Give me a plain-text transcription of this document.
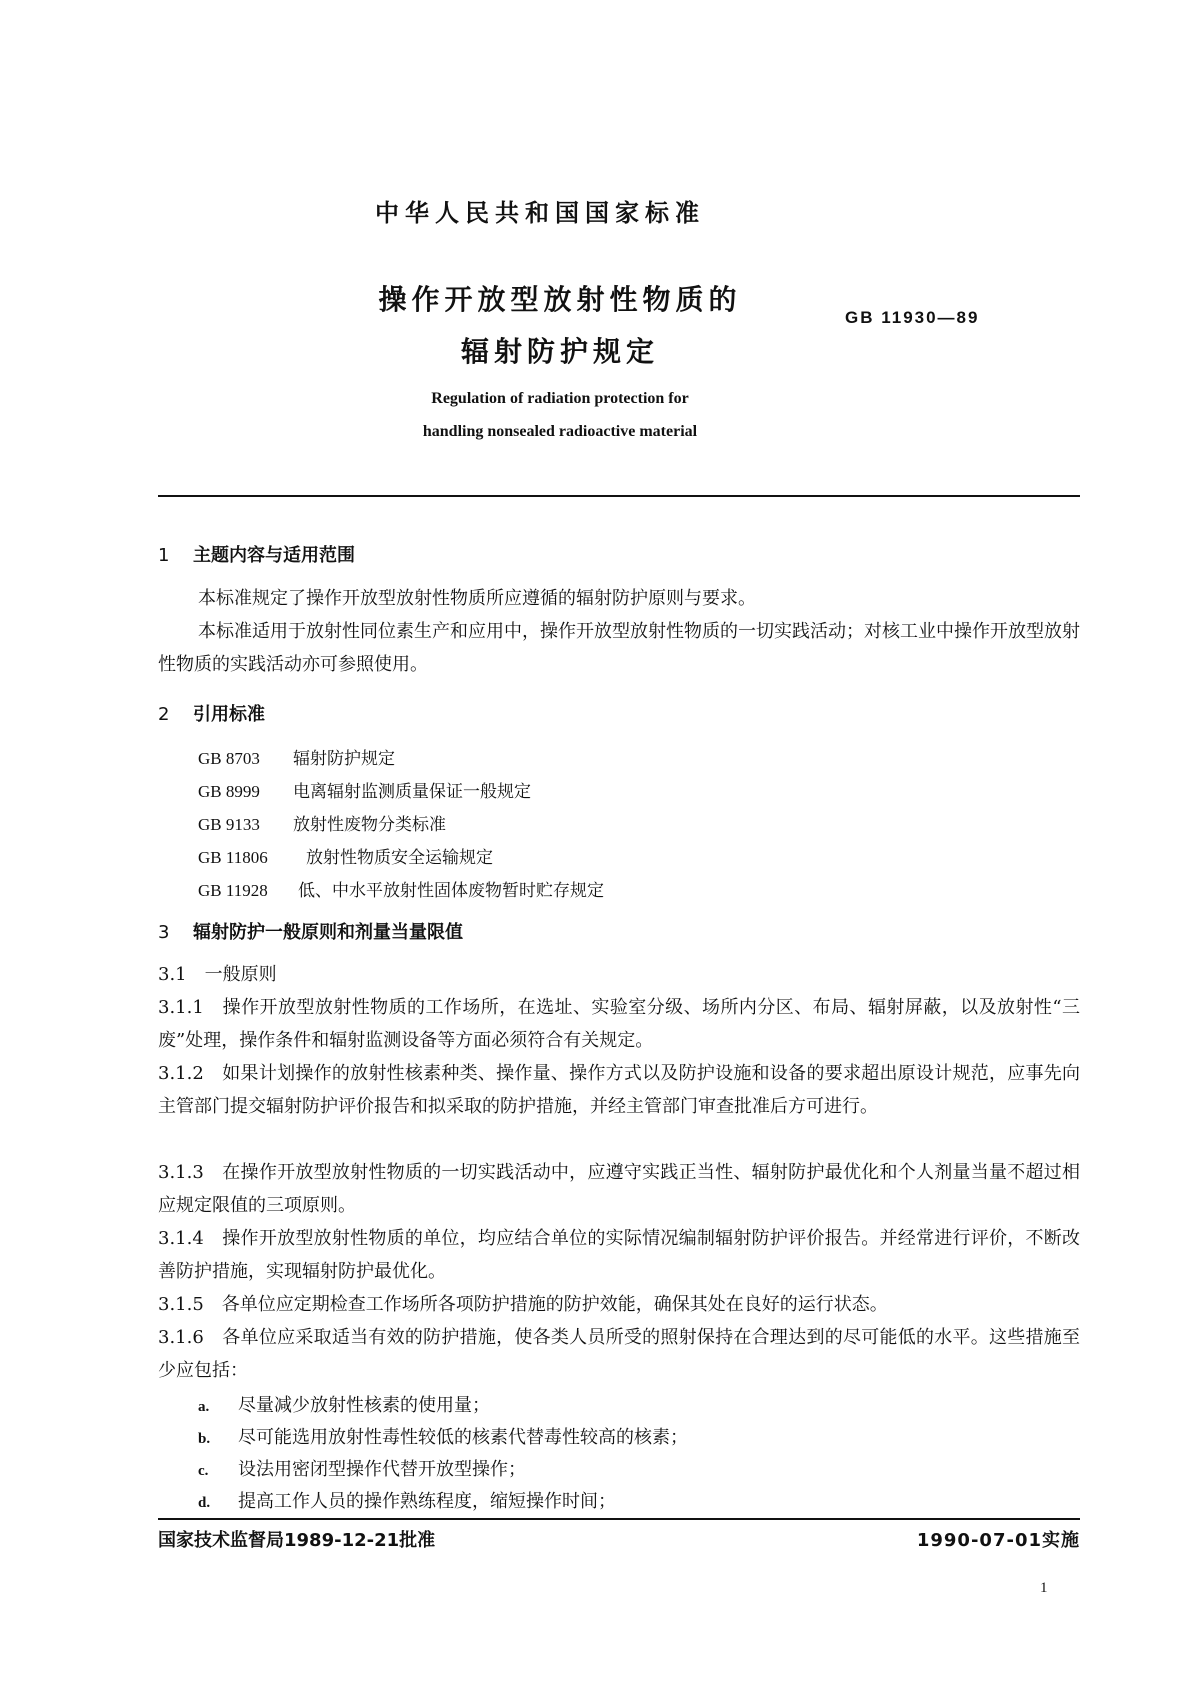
中华人民共和国国家标准
操作开放型放射性物质的
辐射防护规定
GB 11930—89
Regulation of radiation protection for
handling nonsealed radioactive material
1 主题内容与适用范围
本标准规定了操作开放型放射性物质所应遵循的辐射防护原则与要求。
本标准适用于放射性同位素生产和应用中，操作开放型放射性物质的一切实践活动；对核工业中操作开放型放射性物质的实践活动亦可参照使用。
2 引用标准
GB 8703 辐射防护规定
GB 8999 电离辐射监测质量保证一般规定
GB 9133 放射性废物分类标准
GB 11806 放射性物质安全运输规定
GB 11928 低、中水平放射性固体废物暂时贮存规定
3 辐射防护一般原则和剂量当量限值
3.1　一般原则
3.1.1　操作开放型放射性物质的工作场所，在选址、实验室分级、场所内分区、布局、辐射屏蔽，以及放射性“三废”处理，操作条件和辐射监测设备等方面必须符合有关规定。
3.1.2　如果计划操作的放射性核素种类、操作量、操作方式以及防护设施和设备的要求超出原设计规范，应事先向主管部门提交辐射防护评价报告和拟采取的防护措施，并经主管部门审查批准后方可进行。
3.1.3　在操作开放型放射性物质的一切实践活动中，应遵守实践正当性、辐射防护最优化和个人剂量当量不超过相应规定限值的三项原则。
3.1.4　操作开放型放射性物质的单位，均应结合单位的实际情况编制辐射防护评价报告。并经常进行评价，不断改善防护措施，实现辐射防护最优化。
3.1.5　各单位应定期检查工作场所各项防护措施的防护效能，确保其处在良好的运行状态。
3.1.6　各单位应采取适当有效的防护措施，使各类人员所受的照射保持在合理达到的尽可能低的水平。这些措施至少应包括：
a. 尽量减少放射性核素的使用量；
b. 尽可能选用放射性毒性较低的核素代替毒性较高的核素；
c. 设法用密闭型操作代替开放型操作；
d. 提高工作人员的操作熟练程度，缩短操作时间；
国家技术监督局1989-12-21批准	1990-07-01实施
1
